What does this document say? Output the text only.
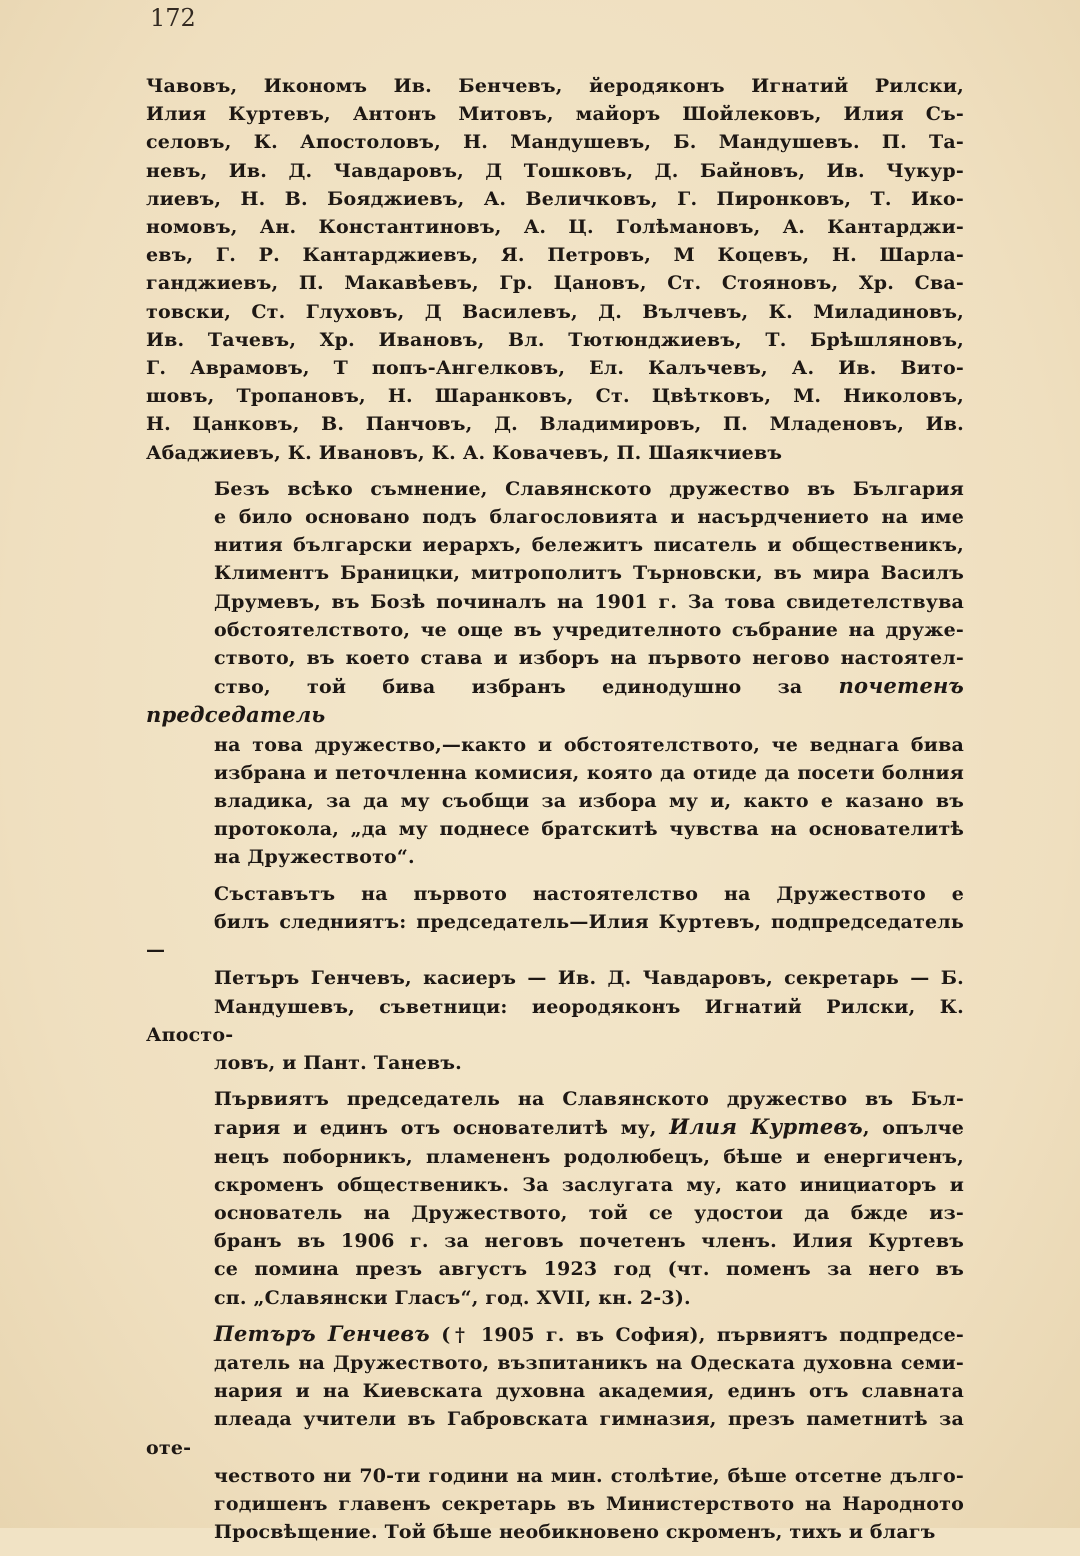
172
Чавовъ, Икономъ Ив. Бенчевъ, йеродяконъ Игнатий Рилски,
Илия Куртевъ, Антонъ Митовъ, майоръ Шойлековъ, Илия Съ-
селовъ, К. Апостоловъ, Н. Мандушевъ, Б. Мандушевъ. П. Та-
невъ, Ив. Д. Чавдаровъ, Д Тошковъ, Д. Байновъ, Ив. Чукур-
лиевъ, Н. В. Бояджиевъ, А. Величковъ, Г. Пиронковъ, Т. Ико-
номовъ, Ан. Константиновъ, А. Ц. Голѣмановъ, А. Кантарджи-
евъ, Г. Р. Кантарджиевъ, Я. Петровъ, М Коцевъ, Н. Шарла-
ганджиевъ, П. Макавѣевъ, Гр. Цановъ, Ст. Стояновъ, Хр. Сва-
товски, Ст. Глуховъ, Д Василевъ, Д. Вълчевъ, К. Миладиновъ,
Ив. Тачевъ, Хр. Ивановъ, Вл. Тютюнджиевъ, Т. Брѣшляновъ,
Г. Аврамовъ, Т попъ-Ангелковъ, Ел. Калъчевъ, А. Ив. Вито-
шовъ, Тропановъ, Н. Шаранковъ, Ст. Цвѣтковъ, М. Николовъ,
Н. Цанковъ, В. Панчовъ, Д. Владимировъ, П. Младеновъ, Ив.
Абаджиевъ, К. Ивановъ, К. А. Ковачевъ, П. Шаякчиевъ
Безъ всѣко съмнение, Славянското дружество въ България
е било основано подъ благословията и насърдчението на име
нития български иерархъ, бележитъ писатель и общественикъ,
Климентъ Браницки, митрополитъ Търновски, въ мира Василъ
Друмевъ, въ Бозѣ починалъ на 1901 г. За това свидетелствува
обстоятелството, че още въ учредителното събрание на друже-
ството, въ което става и изборъ на първото негово настоятел-
ство, той бива избранъ единодушно за почетенъ председатель
на това дружество,—както и обстоятелството, че веднага бива
избрана и петочленна комисия, която да отиде да посети болния
владика, за да му съобщи за избора му и, както е казано въ
протокола, „да му поднесе братскитѣ чувства на основателитѣ
на Дружеството“.
Съставътъ на първото настоятелство на Дружеството е
билъ следниятъ: председатель—Илия Куртевъ, подпредседатель—
Петъръ Генчевъ, касиеръ — Ив. Д. Чавдаровъ, секретарь — Б.
Мандушевъ, съветници: иеородяконъ Игнатий Рилски, К. Апосто-
ловъ, и Пант. Таневъ.
Първиятъ председатель на Славянското дружество въ Бъл-
гария и единъ отъ основателитѣ му, Илия Куртевъ, опълче
нецъ поборникъ, пламененъ родолюбецъ, бѣше и енергиченъ,
скроменъ общественикъ. За заслугата му, като инициаторъ и
основатель на Дружеството, той се удостои да бжде из-
бранъ въ 1906 г. за неговъ почетенъ членъ. Илия Куртевъ
се помина презъ августъ 1923 год (чт. поменъ за него въ
сп. „Славянски Гласъ“, год. XVII, кн. 2-3).
Петъръ Генчевъ († 1905 г. въ София), първиятъ подпредсе-
датель на Дружеството, възпитаникъ на Одеската духовна семи-
нария и на Киевската духовна академия, единъ отъ славната
плеада учители въ Габровската гимназия, презъ паметнитѣ за оте-
чеството ни 70-ти години на мин. столѣтие, бѣше отсетне дългo-
годишенъ главенъ секретарь въ Министерството на Народното
Просвѣщение. Той бѣше необикновено скроменъ, тихъ и благъ
